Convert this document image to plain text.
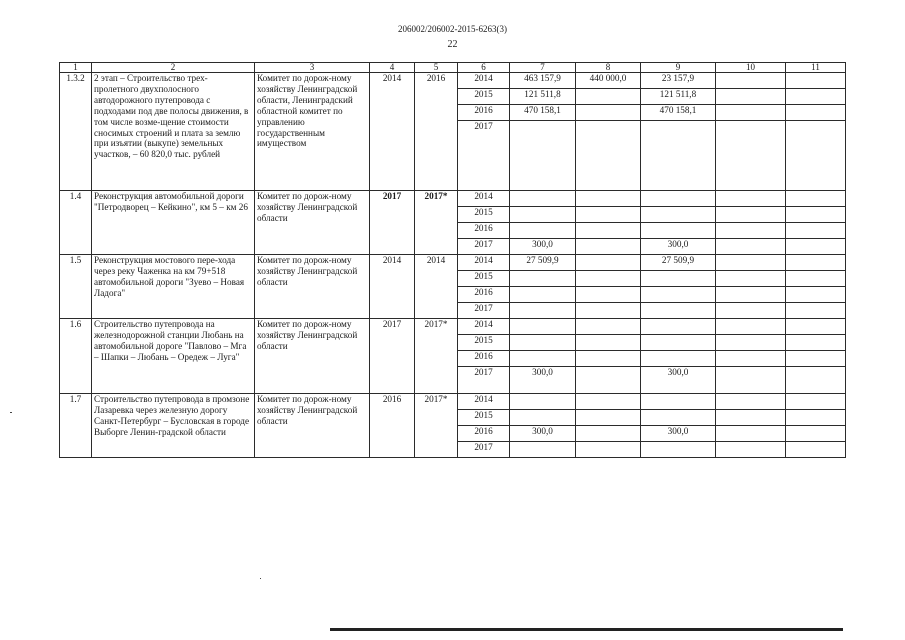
206002/206002-2015-6263(3)
22
1	2	3	4	5	6	7	8	9	10	11
1.3.2	2 этап – Строительство трех-пролетного двухполосного автодорожного путепровода с подходами под две полосы движения, в том числе возме-щение стоимости сносимых строений и плата за землю при изъятии (выкупе) земельных участков, – 60 820,0 тыс. рублей	Комитет по дорож-ному хозяйству Ленинградской области, Ленинградский областной комитет по управлению государственным имуществом	2014	2016	2014	463 157,9	440 000,0	23 157,9		
					2015	121 511,8		121 511,8		
					2016	470 158,1		470 158,1		
					2017					
1.4	Реконструкция автомобильной дороги "Петродворец – Кейкино", км 5 – км 26	Комитет по дорож-ному хозяйству Ленинградской области	2017	2017*	2014					
					2015					
					2016					
					2017	300,0		300,0		
1.5	Реконструкция мостового пере-хода через реку Чаженка на км 79+518 автомобильной дороги "Зуево – Новая Ладога"	Комитет по дорож-ному хозяйству Ленинградской области	2014	2014	2014	27 509,9		27 509,9		
					2015					
					2016					
					2017					
1.6	Строительство путепровода на железнодорожной станции Любань на автомобильной дороге "Павлово – Мга – Шапки – Любань – Оредеж – Луга"	Комитет по дорож-ному хозяйству Ленинградской области	2017	2017*	2014					
					2015					
					2016					
					2017	300,0		300,0		
1.7	Строительство путепровода в промзоне Лазаревка через железную дорогу Санкт-Петербург – Бусловская в городе Выборге Ленин-градской области	Комитет по дорож-ному хозяйству Ленинградской области	2016	2017*	2014					
					2015					
					2016	300,0		300,0		
					2017					
